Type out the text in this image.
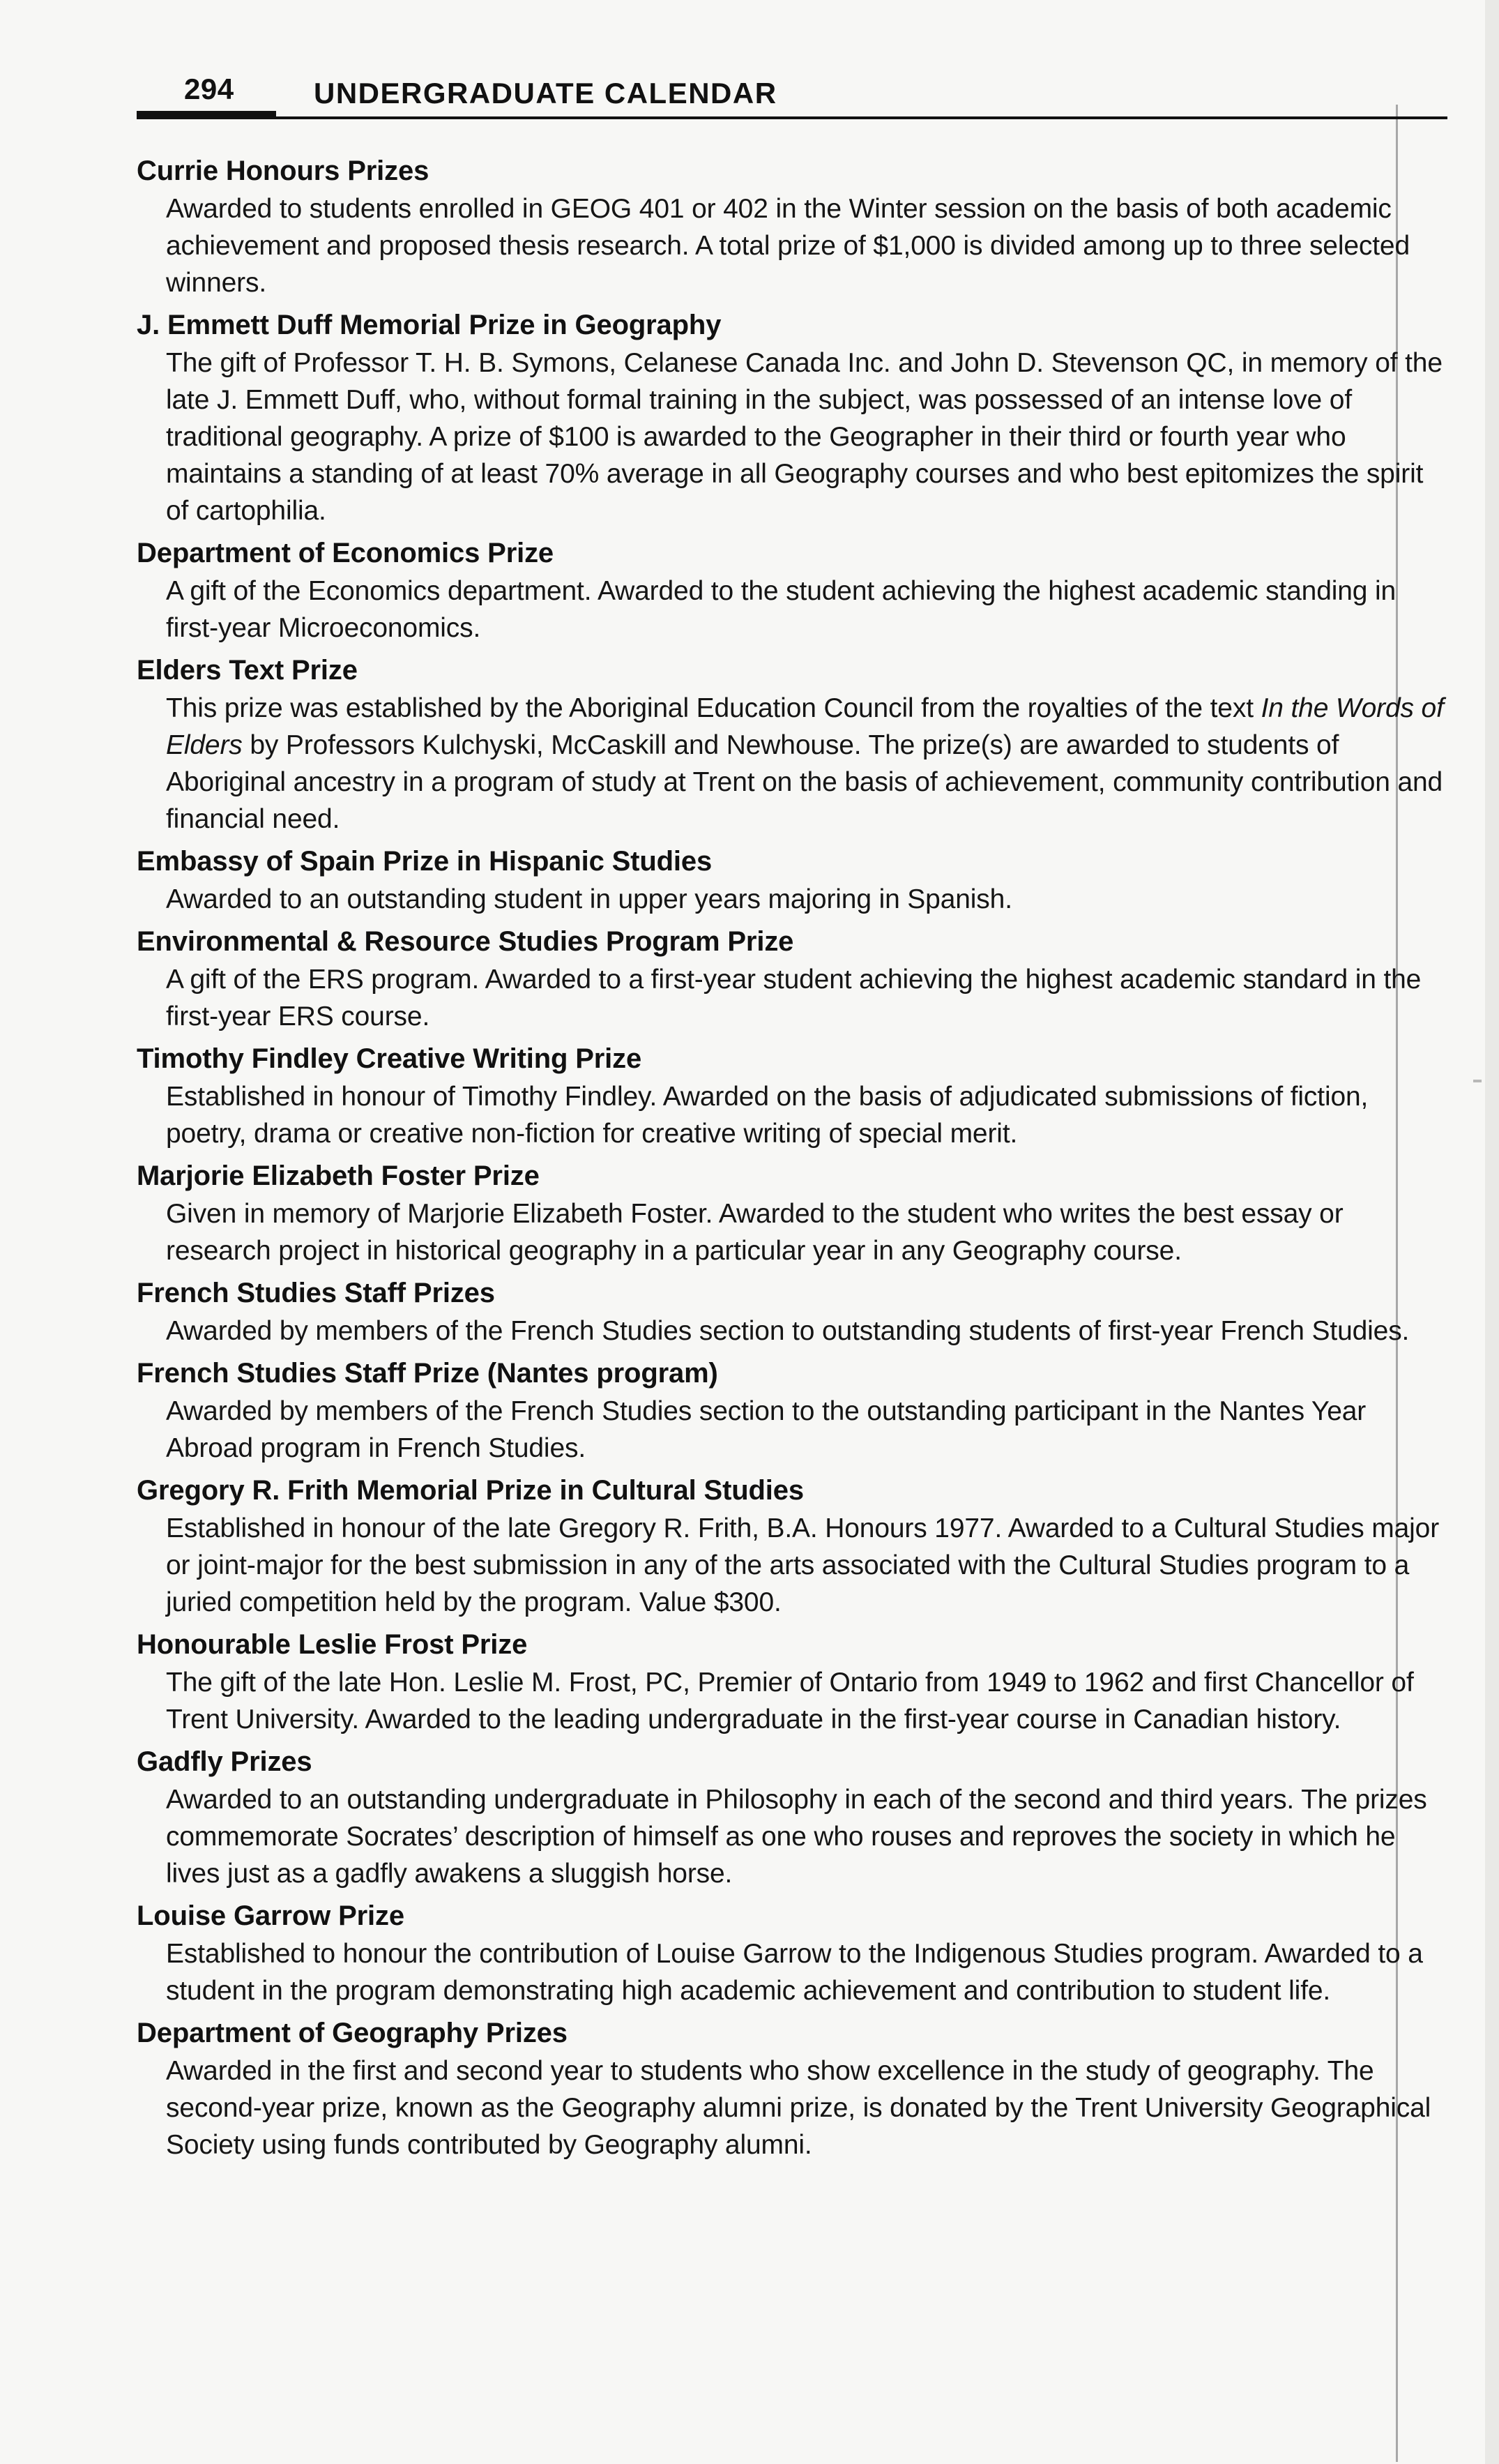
294	UNDERGRADUATE CALENDAR
Currie Honours Prizes
Awarded to students enrolled in GEOG 401 or 402 in the Winter session on the basis of both academic achievement and proposed thesis research. A total prize of $1,000 is divided among up to three selected winners.
J. Emmett Duff Memorial Prize in Geography
The gift of Professor T. H. B. Symons, Celanese Canada Inc. and John D. Stevenson QC, in memory of the late J. Emmett Duff, who, without formal training in the subject, was possessed of an intense love of traditional geography. A prize of $100 is awarded to the Geographer in their third or fourth year who maintains a standing of at least 70% average in all Geography courses and who best epitomizes the spirit of cartophilia.
Department of Economics Prize
A gift of the Economics department. Awarded to the student achieving the highest academic standing in first-year Microeconomics.
Elders Text Prize
This prize was established by the Aboriginal Education Council from the royalties of the text In the Words of Elders by Professors Kulchyski, McCaskill and Newhouse. The prize(s) are awarded to students of Aboriginal ancestry in a program of study at Trent on the basis of achievement, community contribution and financial need.
Embassy of Spain Prize in Hispanic Studies
Awarded to an outstanding student in upper years majoring in Spanish.
Environmental & Resource Studies Program Prize
A gift of the ERS program. Awarded to a first-year student achieving the highest academic standard in the first-year ERS course.
Timothy Findley Creative Writing Prize
Established in honour of Timothy Findley. Awarded on the basis of adjudicated submissions of fiction, poetry, drama or creative non-fiction for creative writing of special merit.
Marjorie Elizabeth Foster Prize
Given in memory of Marjorie Elizabeth Foster. Awarded to the student who writes the best essay or research project in historical geography in a particular year in any Geography course.
French Studies Staff Prizes
Awarded by members of the French Studies section to outstanding students of first-year French Studies.
French Studies Staff Prize (Nantes program)
Awarded by members of the French Studies section to the outstanding participant in the Nantes Year Abroad program in French Studies.
Gregory R. Frith Memorial Prize in Cultural Studies
Established in honour of the late Gregory R. Frith, B.A. Honours 1977. Awarded to a Cultural Studies major or joint-major for the best submission in any of the arts associated with the Cultural Studies program to a juried competition held by the program. Value $300.
Honourable Leslie Frost Prize
The gift of the late Hon. Leslie M. Frost, PC, Premier of Ontario from 1949 to 1962 and first Chancellor of Trent University. Awarded to the leading undergraduate in the first-year course in Canadian history.
Gadfly Prizes
Awarded to an outstanding undergraduate in Philosophy in each of the second and third years. The prizes commemorate Socrates’ description of himself as one who rouses and reproves the society in which he lives just as a gadfly awakens a sluggish horse.
Louise Garrow Prize
Established to honour the contribution of Louise Garrow to the Indigenous Studies program. Awarded to a student in the program demonstrating high academic achievement and contribution to student life.
Department of Geography Prizes
Awarded in the first and second year to students who show excellence in the study of geography. The second-year prize, known as the Geography alumni prize, is donated by the Trent University Geographical Society using funds contributed by Geography alumni.
